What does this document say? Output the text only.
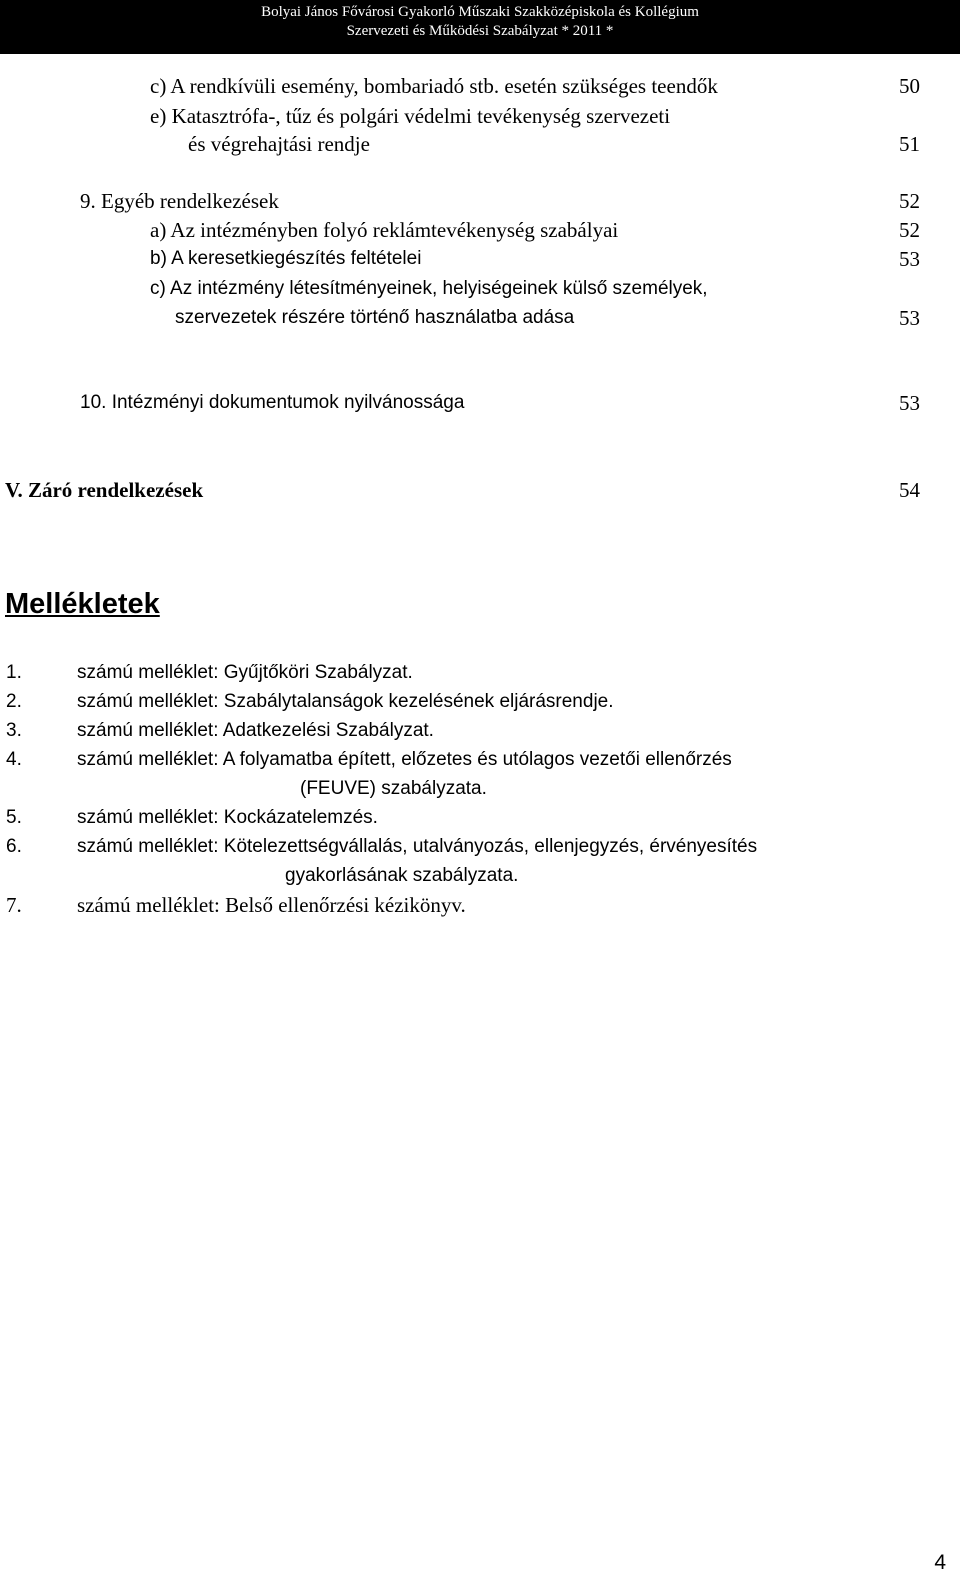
Bolyai János Fővárosi Gyakorló Műszaki Szakközépiskola és Kollégium
Szervezeti és Működési Szabályzat * 2011 *
c) A rendkívüli esemény, bombariadó stb. esetén szükséges teendők	50
e) Katasztrófa-, tűz és polgári védelmi tevékenység szervezeti
és végrehajtási rendje	51
9. Egyéb rendelkezések	52
a) Az intézményben folyó reklámtevékenység szabályai	52
b) A keresetkiegészítés feltételei	53
c) Az intézmény létesítményeinek, helyiségeinek külső személyek,
szervezetek részére történő használatba adása	53
10. Intézményi dokumentumok nyilvánossága	53
V. Záró rendelkezések	54
Mellékletek
1.	számú melléklet: Gyűjtőköri Szabályzat.
2.	számú melléklet: Szabálytalanságok kezelésének eljárásrendje.
3.	számú melléklet: Adatkezelési Szabályzat.
4.	számú melléklet: A folyamatba épített, előzetes és utólagos vezetői ellenőrzés
(FEUVE) szabályzata.
5.	számú melléklet: Kockázatelemzés.
6.	számú melléklet: Kötelezettségvállalás, utalványozás, ellenjegyzés, érvényesítés
gyakorlásának szabályzata.
7.	számú melléklet: Belső ellenőrzési kézikönyv.
4
